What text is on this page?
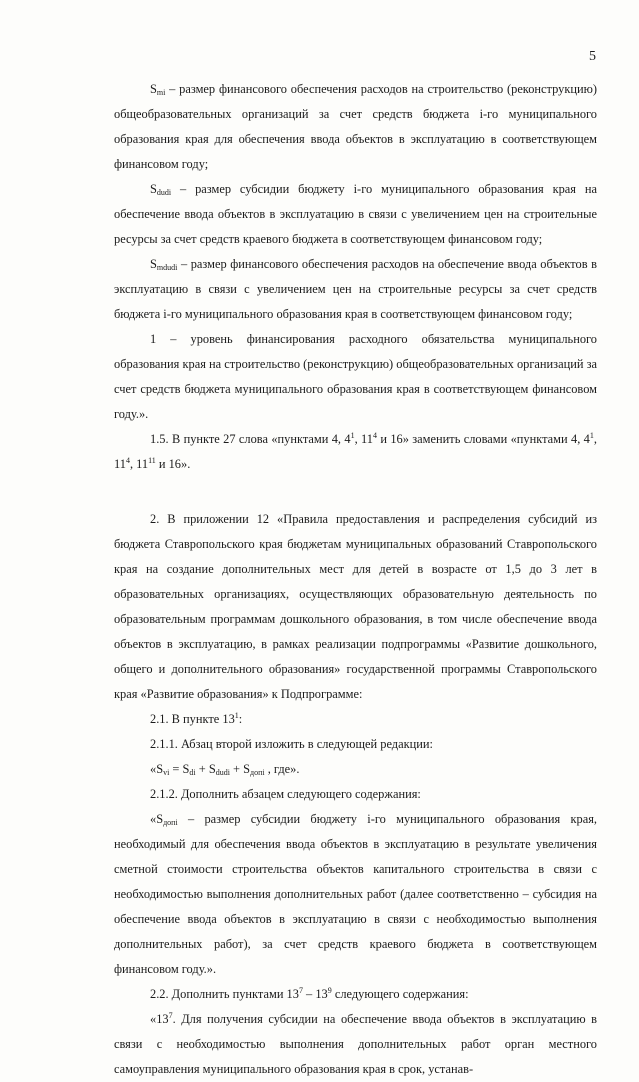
5

$S_{mi}$ – размер финансового обеспечения расходов на строительство (реконструкцию) общеобразовательных организаций за счет средств бюджета i-го муниципального образования края для обеспечения ввода объектов в эксплуатацию в соответствующем финансовом году;

$S_{dudi}$ – размер субсидии бюджету i-го муниципального образования края на обеспечение ввода объектов в эксплуатацию в связи с увеличением цен на строительные ресурсы за счет средств краевого бюджета в соответствующем финансовом году;

$S_{mdudi}$ – размер финансового обеспечения расходов на обеспечение ввода объектов в эксплуатацию в связи с увеличением цен на строительные ресурсы за счет средств бюджета i-го муниципального образования края в соответствующем финансовом году;

1 – уровень финансирования расходного обязательства муниципального образования края на строительство (реконструкцию) общеобразовательных организаций за счет средств бюджета муниципального образования края в соответствующем финансовом году.».

1.5. В пункте 27 слова «пунктами 4, $4^1$, $11^4$ и 16» заменить словами «пунктами 4, $4^1$, $11^4$, $11^{11}$ и 16».

2. В приложении 12 «Правила предоставления и распределения субсидий из бюджета Ставропольского края бюджетам муниципальных образований Ставропольского края на создание дополнительных мест для детей в возрасте от 1,5 до 3 лет в образовательных организациях, осуществляющих образовательную деятельность по образовательным программам дошкольного образования, в том числе обеспечение ввода объектов в эксплуатацию, в рамках реализации подпрограммы «Развитие дошкольного, общего и дополнительного образования» государственной программы Ставропольского края «Развитие образования» к Подпрограмме:

2.1. В пункте $13^1$:

2.1.1. Абзац второй изложить в следующей редакции:

«$S_{vi} = S_{di} + S_{dudi} + S_{допi}$ , где».

2.1.2. Дополнить абзацем следующего содержания:

«$S_{допi}$ – размер субсидии бюджету i-го муниципального образования края, необходимый для обеспечения ввода объектов в эксплуатацию в результате увеличения сметной стоимости строительства объектов капитального строительства в связи с необходимостью выполнения дополнительных работ (далее соответственно – субсидия на обеспечение ввода объектов в эксплуатацию в связи с необходимостью выполнения дополнительных работ), за счет средств краевого бюджета в соответствующем финансовом году.».

2.2. Дополнить пунктами $13^7 - 13^9$ следующего содержания:

«$13^7$. Для получения субсидии на обеспечение ввода объектов в эксплуатацию в связи с необходимостью выполнения дополнительных работ орган местного самоуправления муниципального образования края в срок, устанав-
